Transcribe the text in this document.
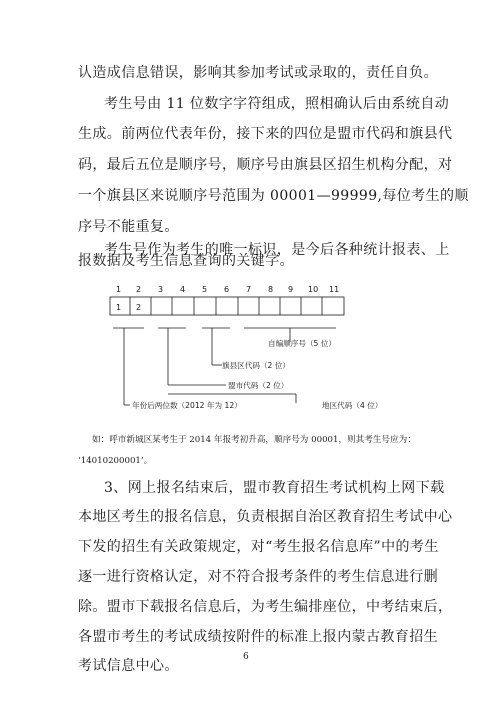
认造成信息错误，影响其参加考试或录取的，责任自负。
考生号由 11 位数字字符组成，照相确认后由系统自动
生成。前两位代表年份，接下来的四位是盟市代码和旗县代
码，最后五位是顺序号，顺序号由旗县区招生机构分配，对
一个旗县区来说顺序号范围为 00001—99999,每位考生的顺
序号不能重复。
考生号作为考生的唯一标识，是今后各种统计报表、上
报数据及考生信息查询的关键字。
1 2 3 4 5 6 7 8 9 10 11
1 2
自编顺序号（5 位）
旗县区代码（2 位）
盟市代码（2 位）
地区代码（4 位）
年份后两位数（2012 年为 12）
如：呼市新城区某考生于 2014 年报考初升高，顺序号为 00001，则其考生号应为：
‘14010200001’。
3、网上报名结束后，盟市教育招生考试机构上网下载
本地区考生的报名信息，负责根据自治区教育招生考试中心
下发的招生有关政策规定，对“考生报名信息库”中的考生
逐一进行资格认定，对不符合报考条件的考生信息进行删
除。盟市下载报名信息后，为考生编排座位，中考结束后，
各盟市考生的考试成绩按附件的标准上报内蒙古教育招生
考试信息中心。
6
